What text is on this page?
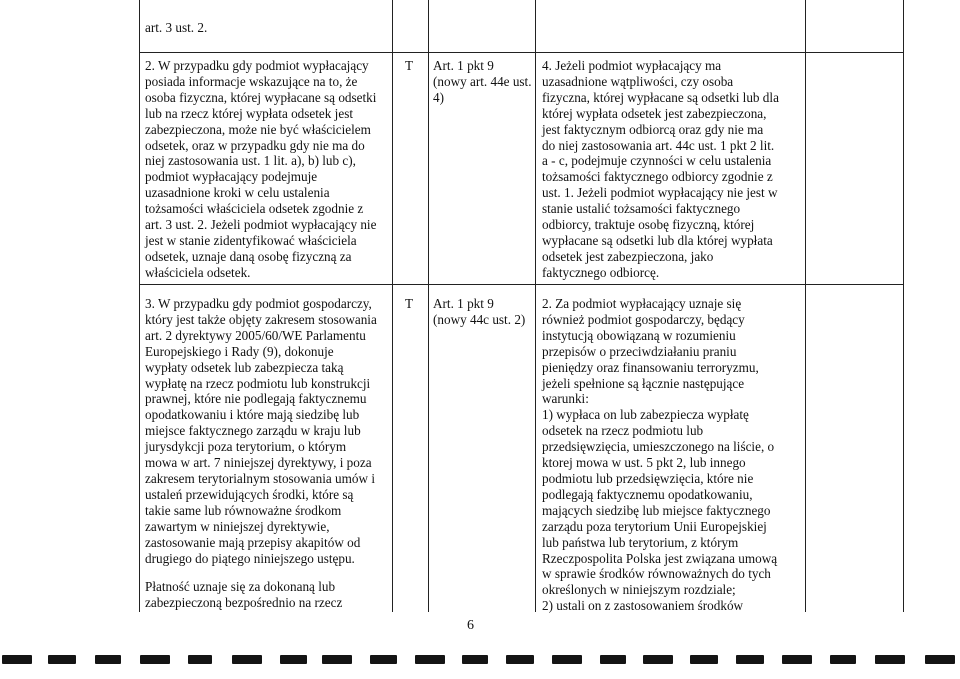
art. 3 ust. 2.
2. W przypadku gdy podmiot wypłacający
posiada informacje wskazujące na to, że
osoba fizyczna, której wypłacane są odsetki
lub na rzecz której wypłata odsetek jest
zabezpieczona, może nie być właścicielem
odsetek, oraz w przypadku gdy nie ma do
niej zastosowania ust. 1 lit. a), b) lub c),
podmiot wypłacający podejmuje
uzasadnione kroki w celu ustalenia
tożsamości właściciela odsetek zgodnie z
art. 3 ust. 2. Jeżeli podmiot wypłacający nie
jest w stanie zidentyfikować właściciela
odsetek, uznaje daną osobę fizyczną za
właściciela odsetek.
T Art. 1 pkt 9
(nowy art. 44e ust.
4)
4. Jeżeli podmiot wypłacający ma
uzasadnione wątpliwości, czy osoba
fizyczna, której wypłacane są odsetki lub dla
której wypłata odsetek jest zabezpieczona,
jest faktycznym odbiorcą oraz gdy nie ma
do niej zastosowania art. 44c ust. 1 pkt 2 lit.
a - c, podejmuje czynności w celu ustalenia
tożsamości faktycznego odbiorcy zgodnie z
ust. 1. Jeżeli podmiot wypłacający nie jest w
stanie ustalić tożsamości faktycznego
odbiorcy, traktuje osobę fizyczną, której
wypłacane są odsetki lub dla której wypłata
odsetek jest zabezpieczona, jako
faktycznego odbiorcę.
3. W przypadku gdy podmiot gospodarczy,
który jest także objęty zakresem stosowania
art. 2 dyrektywy 2005/60/WE Parlamentu
Europejskiego i Rady (9), dokonuje
wypłaty odsetek lub zabezpiecza taką
wypłatę na rzecz podmiotu lub konstrukcji
prawnej, które nie podlegają faktycznemu
opodatkowaniu i które mają siedzibę lub
miejsce faktycznego zarządu w kraju lub
jurysdykcji poza terytorium, o którym
mowa w art. 7 niniejszej dyrektywy, i poza
zakresem terytorialnym stosowania umów i
ustaleń przewidujących środki, które są
takie same lub równoważne środkom
zawartym w niniejszej dyrektywie,
zastosowanie mają przepisy akapitów od
drugiego do piątego niniejszego ustępu.
Płatność uznaje się za dokonaną lub
zabezpieczoną bezpośrednio na rzecz
T Art. 1 pkt 9
(nowy 44c ust. 2)
2. Za podmiot wypłacający uznaje się
również podmiot gospodarczy, będący
instytucją obowiązaną w rozumieniu
przepisów o przeciwdziałaniu praniu
pieniędzy oraz finansowaniu terroryzmu,
jeżeli spełnione są łącznie następujące
warunki:
1) wypłaca on lub zabezpiecza wypłatę
odsetek na rzecz podmiotu lub
przedsięwzięcia, umieszczonego na liście, o
ktorej mowa w ust. 5 pkt 2, lub innego
podmiotu lub przedsięwzięcia, które nie
podlegają faktycznemu opodatkowaniu,
mających siedzibę lub miejsce faktycznego
zarządu poza terytorium Unii Europejskiej
lub państwa lub terytorium, z którym
Rzeczpospolita Polska jest związana umową
w sprawie środków równoważnych do tych
określonych w niniejszym rozdziale;
2) ustali on z zastosowaniem środków
6
